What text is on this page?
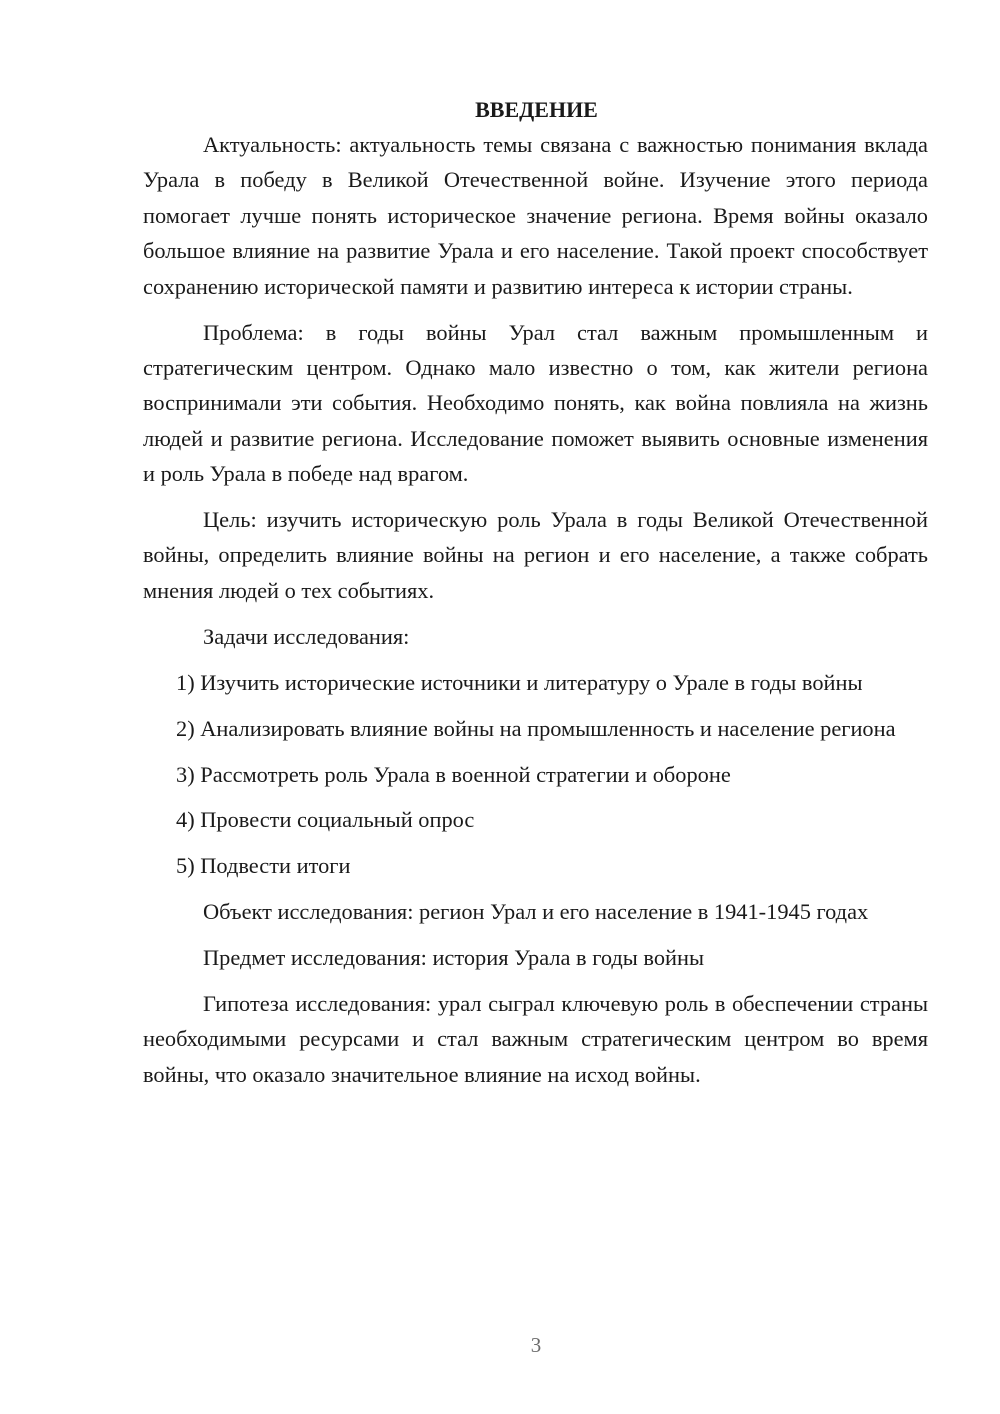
ВВЕДЕНИЕ

Актуальность: актуальность темы связана с важностью понимания вклада Урала в победу в Великой Отечественной войне. Изучение этого периода помогает лучше понять историческое значение региона. Время войны оказало большое влияние на развитие Урала и его население. Такой проект способствует сохранению исторической памяти и развитию интереса к истории страны.

Проблема: в годы войны Урал стал важным промышленным и стратегическим центром. Однако мало известно о том, как жители региона воспринимали эти события. Необходимо понять, как война повлияла на жизнь людей и развитие региона. Исследование поможет выявить основные изменения и роль Урала в победе над врагом.

Цель: изучить историческую роль Урала в годы Великой Отечественной войны, определить влияние войны на регион и его население, а также собрать мнения людей о тех событиях.

Задачи исследования:

1) Изучить исторические источники и литературу о Урале в годы войны

2) Анализировать влияние войны на промышленность и население региона

3) Рассмотреть роль Урала в военной стратегии и обороне

4) Провести социальный опрос

5) Подвести итоги

Объект исследования: регион Урал и его население в 1941-1945 годах

Предмет исследования: история Урала в годы войны

Гипотеза исследования: урал сыграл ключевую роль в обеспечении страны необходимыми ресурсами и стал важным стратегическим центром во время войны, что оказало значительное влияние на исход войны.

3
